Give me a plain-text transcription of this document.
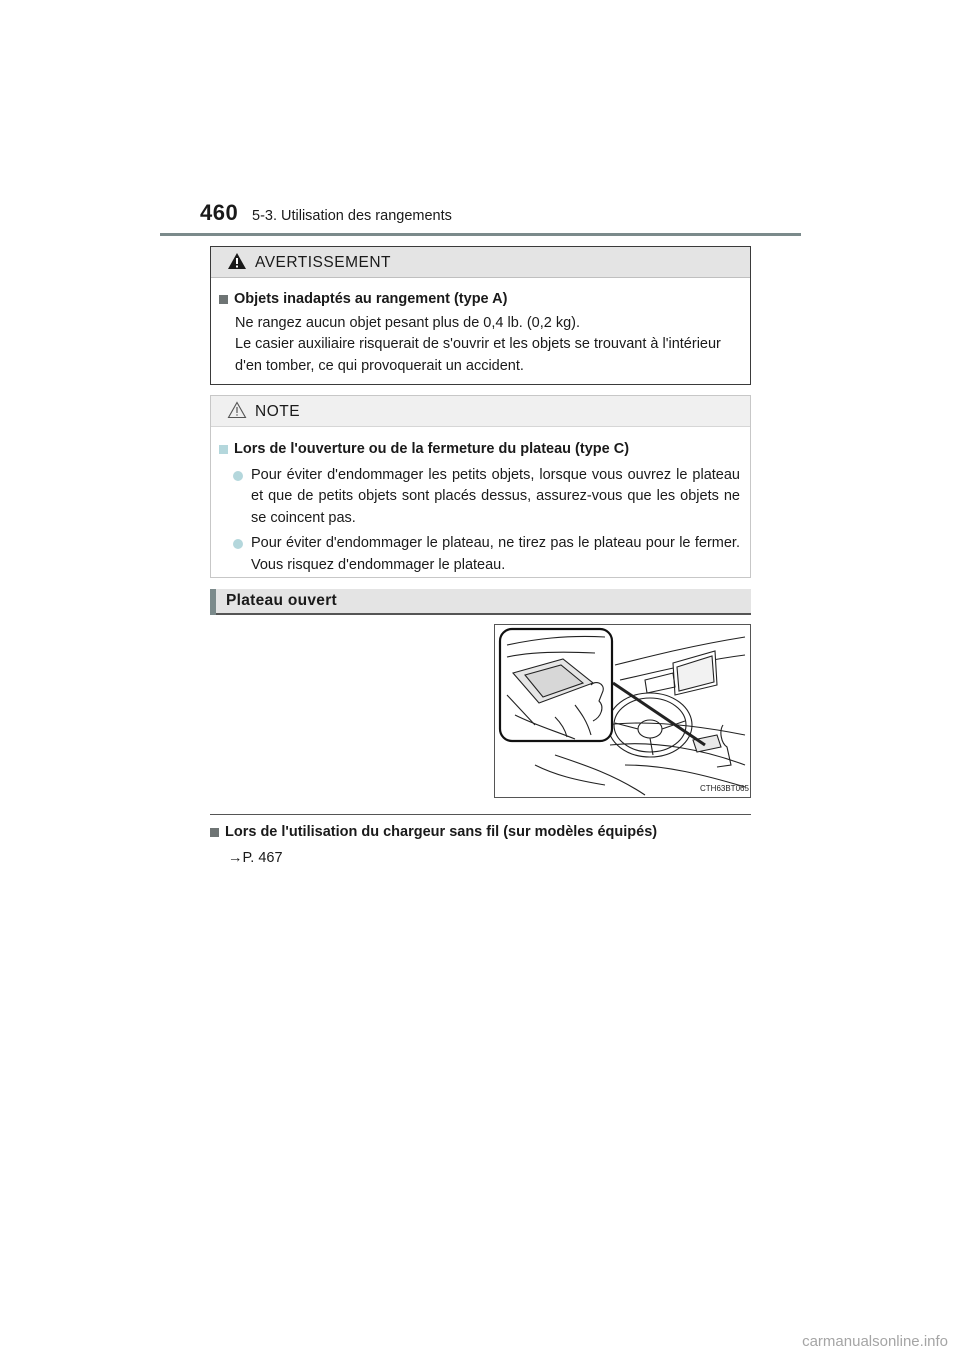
460 5-3. Utilisation des rangements
AVERTISSEMENT
Objets inadaptés au rangement (type A)
Ne rangez aucun objet pesant plus de 0,4 lb. (0,2 kg).
Le casier auxiliaire risquerait de s'ouvrir et les objets se trouvant à l'intérieur d'en tomber, ce qui provoquerait un accident.
NOTE
Lors de l'ouverture ou de la fermeture du plateau (type C)
Pour éviter d'endommager les petits objets, lorsque vous ouvrez le plateau et que de petits objets sont placés dessus, assurez-vous que les objets ne se coincent pas.
Pour éviter d'endommager le plateau, ne tirez pas le plateau pour le fermer. Vous risquez d'endommager le plateau.
Plateau ouvert
CTH63BT065
Lors de l'utilisation du chargeur sans fil (sur modèles équipés)
→P. 467
carmanualsonline.info
